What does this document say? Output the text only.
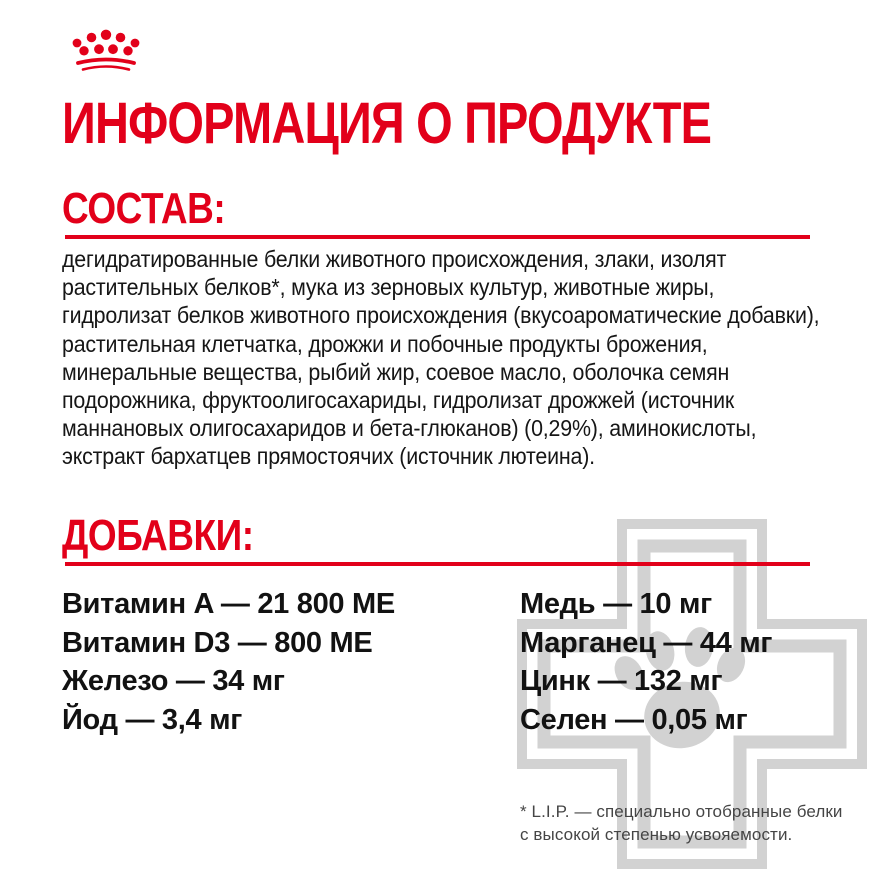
ИНФОРМАЦИЯ О ПРОДУКТЕ
СОСТАВ:

дегидратированные белки животного происхождения, злаки, изолят растительных белков*, мука из зерновых культур, животные жиры, гидролизат белков животного происхождения (вкусоароматические добавки), растительная клетчатка, дрожжи и побочные продукты брожения, минеральные вещества, рыбий жир, соевое масло, оболочка семян подорожника, фруктоолигосахариды, гидролизат дрожжей (источник маннановых олигосахаридов и бета-глюканов) (0,29%), аминокислоты, экстракт бархатцев прямостоячих (источник лютеина).

ДОБАВКИ:
Витамин A — 21 800 МЕ
Витамин D3 — 800 МЕ
Железо — 34 мг
Йод — 3,4 мг
Медь — 10 мг
Марганец — 44 мг
Цинк — 132 мг
Селен — 0,05 мг
* L.I.P. — специально отобранные белки
с высокой степенью усвояемости.
